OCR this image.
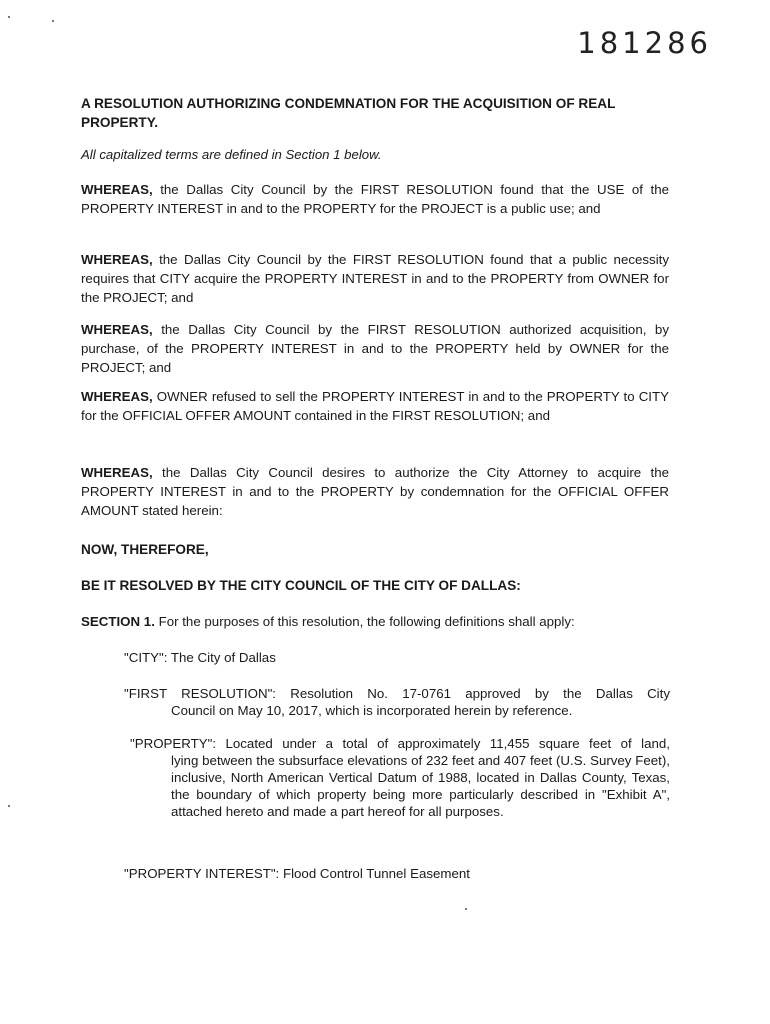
181286
A RESOLUTION AUTHORIZING CONDEMNATION FOR THE ACQUISITION OF REAL PROPERTY.
All capitalized terms are defined in Section 1 below.
WHEREAS, the Dallas City Council by the FIRST RESOLUTION found that the USE of the PROPERTY INTEREST in and to the PROPERTY for the PROJECT is a public use; and
WHEREAS, the Dallas City Council by the FIRST RESOLUTION found that a public necessity requires that CITY acquire the PROPERTY INTEREST in and to the PROPERTY from OWNER for the PROJECT; and
WHEREAS, the Dallas City Council by the FIRST RESOLUTION authorized acquisition, by purchase, of the PROPERTY INTEREST in and to the PROPERTY held by OWNER for the PROJECT; and
WHEREAS, OWNER refused to sell the PROPERTY INTEREST in and to the PROPERTY to CITY for the OFFICIAL OFFER AMOUNT contained in the FIRST RESOLUTION; and
WHEREAS, the Dallas City Council desires to authorize the City Attorney to acquire the PROPERTY INTEREST in and to the PROPERTY by condemnation for the OFFICIAL OFFER AMOUNT stated herein:
NOW, THEREFORE,
BE IT RESOLVED BY THE CITY COUNCIL OF THE CITY OF DALLAS:
SECTION 1. For the purposes of this resolution, the following definitions shall apply:
"CITY": The City of Dallas
"FIRST RESOLUTION": Resolution No. 17-0761 approved by the Dallas City
Council on May 10, 2017, which is incorporated herein by reference.
"PROPERTY": Located under a total of approximately 11,455 square feet of land,
lying between the subsurface elevations of 232 feet and 407 feet (U.S. Survey Feet), inclusive, North American Vertical Datum of 1988, located in Dallas County, Texas, the boundary of which property being more particularly described in "Exhibit A", attached hereto and made a part hereof for all purposes.
"PROPERTY INTEREST": Flood Control Tunnel Easement
